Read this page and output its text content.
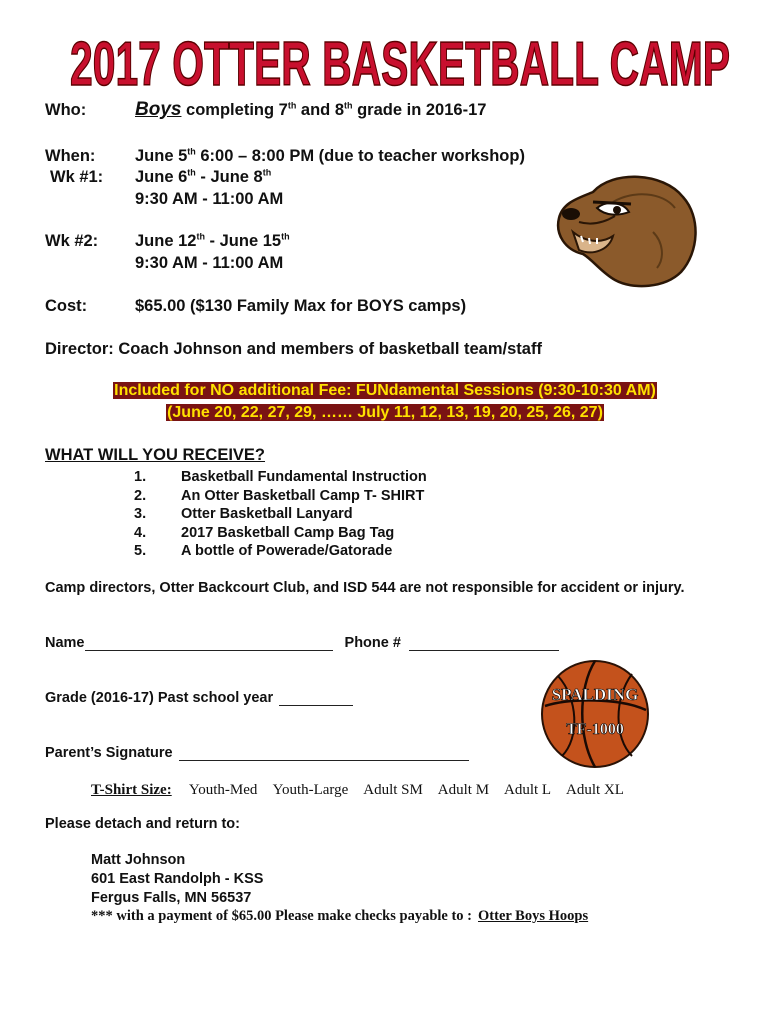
2017 OTTER BASKETBALL CAMP
Who:	Boys completing 7th and 8th grade in 2016-17
When: June 5th 6:00 – 8:00 PM (due to teacher workshop)
Wk #1: June 6th - June 8th
9:30 AM - 11:00 AM
Wk #2: June 12th - June 15th
9:30 AM - 11:00 AM
Cost:	$65.00 ($130 Family Max for BOYS camps)
Director: Coach Johnson and members of basketball team/staff
Included for NO additional Fee: FUNdamental Sessions (9:30-10:30 AM)
(June 20, 22, 27, 29, …… July 11, 12, 13, 19, 20, 25, 26, 27)
WHAT WILL YOU RECEIVE?
1. Basketball Fundamental Instruction
2. An Otter Basketball Camp T- SHIRT
3. Otter Basketball Lanyard
4. 2017 Basketball Camp Bag Tag
5. A bottle of Powerade/Gatorade
Camp directors, Otter Backcourt Club, and ISD 544 are not responsible for accident or injury.
Name	Phone #
Grade (2016-17) Past school year
Parent’s Signature
T-Shirt Size: Youth-Med Youth-Large Adult SM Adult M Adult L Adult XL
Please detach and return to:
Matt Johnson
601 East Randolph - KSS
Fergus Falls, MN 56537
*** with a payment of $65.00 Please make checks payable to : Otter Boys Hoops
SPALDING
TF-1000
